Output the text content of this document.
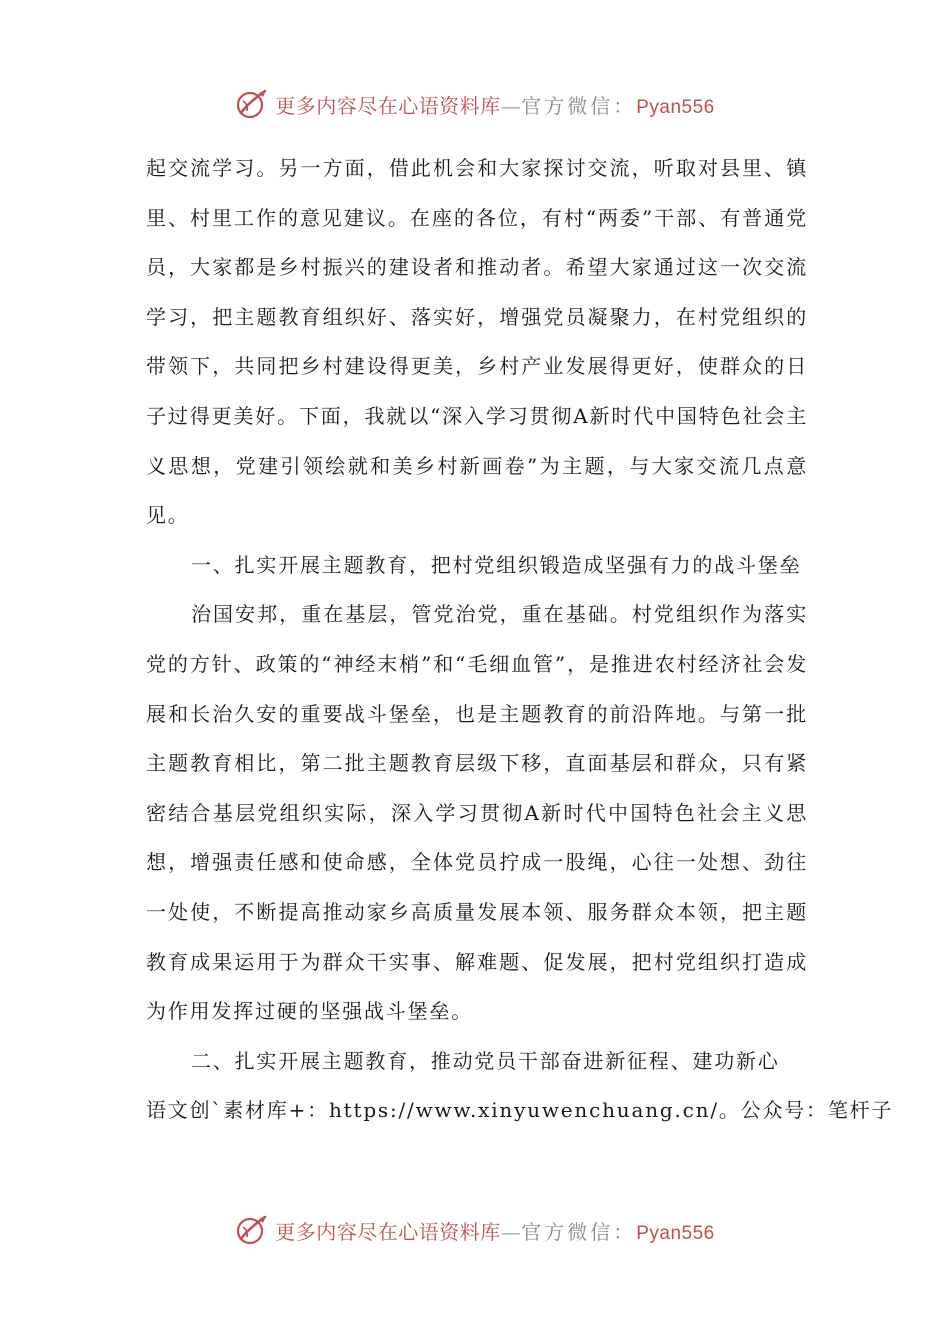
更多内容尽在心语资料库—官方微信：Pyan556

起交流学习。另一方面，借此机会和大家探讨交流，听取对县里、镇里、村里工作的意见建议。在座的各位，有村“两委”干部、有普通党员，大家都是乡村振兴的建设者和推动者。希望大家通过这一次交流学习，把主题教育组织好、落实好，增强党员凝聚力，在村党组织的带领下，共同把乡村建设得更美，乡村产业发展得更好，使群众的日子过得更美好。下面，我就以“深入学习贯彻A新时代中国特色社会主义思想，党建引领绘就和美乡村新画卷”为主题，与大家交流几点意见。

一、扎实开展主题教育，把村党组织锻造成坚强有力的战斗堡垒

治国安邦，重在基层，管党治党，重在基础。村党组织作为落实党的方针、政策的“神经末梢”和“毛细血管”，是推进农村经济社会发展和长治久安的重要战斗堡垒，也是主题教育的前沿阵地。与第一批主题教育相比，第二批主题教育层级下移，直面基层和群众，只有紧密结合基层党组织实际，深入学习贯彻A新时代中国特色社会主义思想，增强责任感和使命感，全体党员拧成一股绳，心往一处想、劲往一处使，不断提高推动家乡高质量发展本领、服务群众本领，把主题教育成果运用于为群众干实事、解难题、促发展，把村党组织打造成为作用发挥过硬的坚强战斗堡垒。

二、扎实开展主题教育，推动党员干部奋进新征程、建功新心

语文创`素材库+：https://www.xinyuwenchuang.cn/。公众号：笔杆子

更多内容尽在心语资料库—官方微信：Pyan556
